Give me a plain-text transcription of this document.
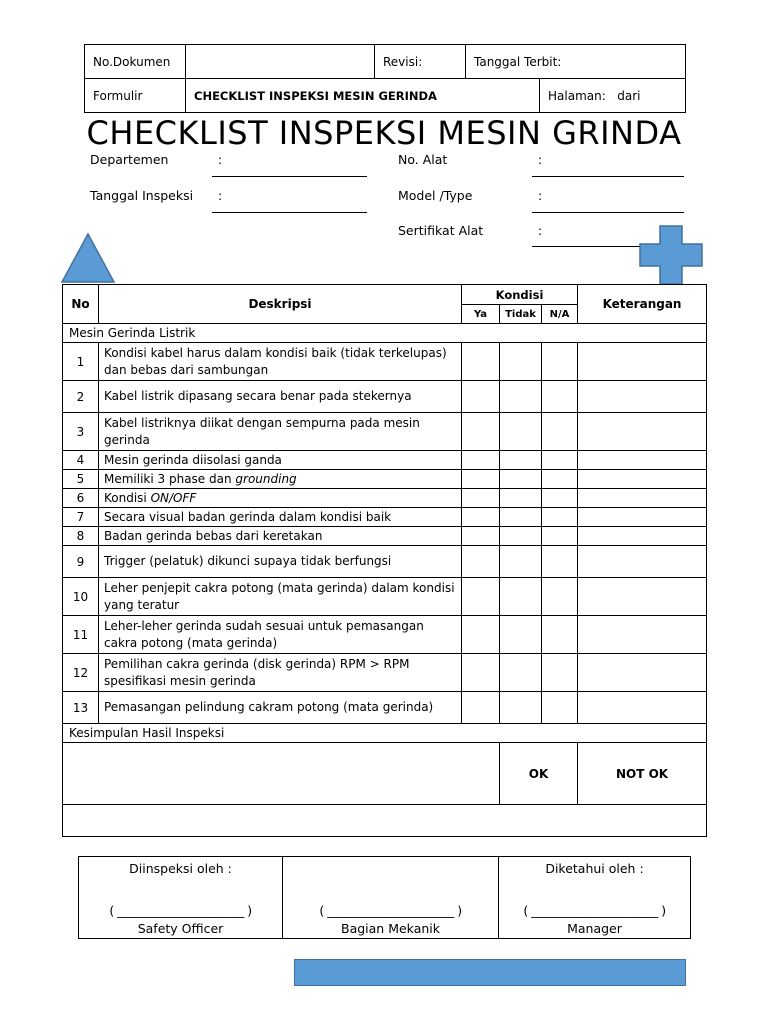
No.Dokumen		Revisi:	Tanggal Terbit:	
Formulir	CHECKLIST INSPEKSI MESIN GERINDA			Halaman: dari
CHECKLIST INSPEKSI MESIN GRINDA
Departemen	:
Tanggal Inspeksi :
No. Alat	:
Model /Type	:
Sertifikat Alat	:
No	Deskripsi	Kondisi			Keterangan
		Ya	Tidak	N/A	
Mesin Gerinda Listrik					
1	Kondisi kabel harus dalam kondisi baik (tidak terkelupas) dan bebas dari sambungan				
2	Kabel listrik dipasang secara benar pada stekernya				
3	Kabel listriknya diikat dengan sempurna pada mesin gerinda				
4	Mesin gerinda diisolasi ganda				
5	Memiliki 3 phase dan grounding				
6	Kondisi ON/OFF				
7	Secara visual badan gerinda dalam kondisi baik				
8	Badan gerinda bebas dari keretakan				
9	Trigger (pelatuk) dikunci supaya tidak berfungsi				
10	Leher penjepit cakra potong (mata gerinda) dalam kondisi yang teratur				
11	Leher-leher gerinda sudah sesuai untuk pemasangan cakra potong (mata gerinda)				
12	Pemilihan cakra gerinda (disk gerinda) RPM > RPM spesifikasi mesin gerinda				
13	Pemasangan pelindung cakram potong (mata gerinda)				
Kesimpulan Hasil Inspeksi					
			OK		NOT OK

Diinspeksi oleh :
( ______________________ )
Safety Officer

( ______________________ )
Bagian Mekanik

Diketahui oleh :
( ______________________ )
Manager
